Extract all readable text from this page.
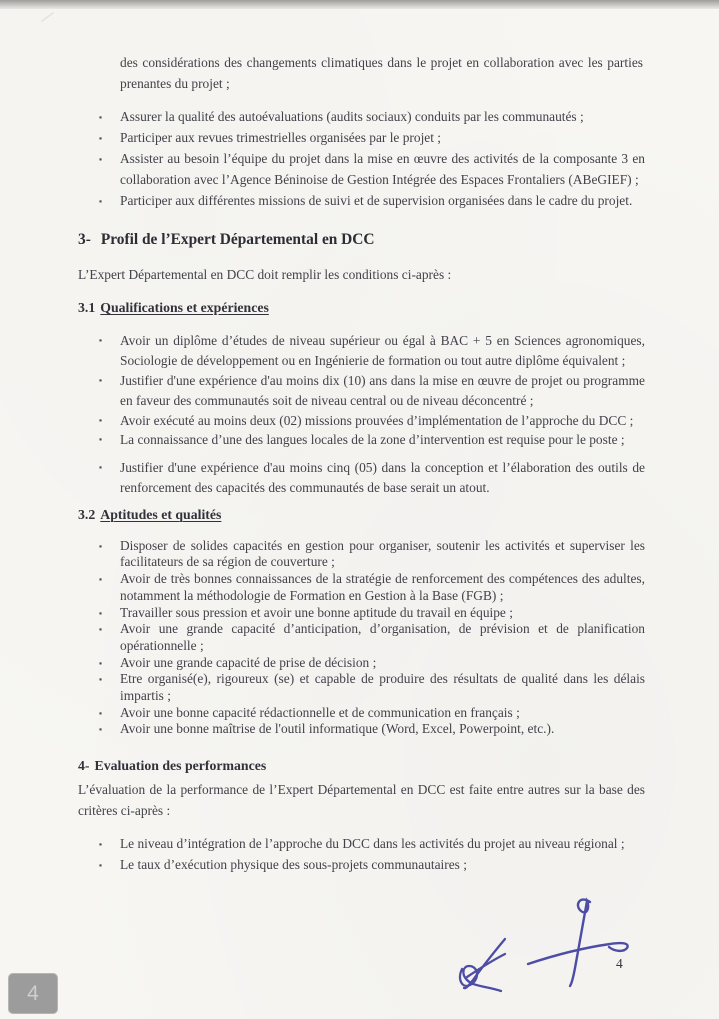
des considérations des changements climatiques dans le projet en collaboration avec les parties prenantes du projet ;

▪ Assurer la qualité des autoévaluations (audits sociaux) conduits par les communautés ;
▪ Participer aux revues trimestrielles organisées par le projet ;
▪ Assister au besoin l’équipe du projet dans la mise en œuvre des activités de la composante 3 en collaboration avec l’Agence Béninoise de Gestion Intégrée des Espaces Frontaliers (ABeGIEF) ;
▪ Participer aux différentes missions de suivi et de supervision organisées dans le cadre du projet.
3- Profil de l’Expert Départemental en DCC

L’Expert Départemental en DCC doit remplir les conditions ci-après :

3.1 Qualifications et expériences
▪ Avoir un diplôme d’études de niveau supérieur ou égal à BAC + 5 en Sciences agronomiques, Sociologie de développement ou en Ingénierie de formation ou tout autre diplôme équivalent ;
▪ Justifier d'une expérience d'au moins dix (10) ans dans la mise en œuvre de projet ou programme en faveur des communautés soit de niveau central ou de niveau déconcentré ;
▪ Avoir exécuté au moins deux (02) missions prouvées d’implémentation de l’approche du DCC ;
▪ La connaissance d’une des langues locales de la zone d’intervention est requise pour le poste ;
▪ Justifier d'une expérience d'au moins cinq (05) dans la conception et l’élaboration des outils de renforcement des capacités des communautés de base serait un atout.
3.2 Aptitudes et qualités
▪ Disposer de solides capacités en gestion pour organiser, soutenir les activités et superviser les facilitateurs de sa région de couverture ;
▪ Avoir de très bonnes connaissances de la stratégie de renforcement des compétences des adultes, notamment la méthodologie de Formation en Gestion à la Base (FGB) ;
▪ Travailler sous pression et avoir une bonne aptitude du travail en équipe ;
▪ Avoir une grande capacité d’anticipation, d’organisation, de prévision et de planification opérationnelle ;
▪ Avoir une grande capacité de prise de décision ;
▪ Etre organisé(e), rigoureux (se) et capable de produire des résultats de qualité dans les délais impartis ;
▪ Avoir une bonne capacité rédactionnelle et de communication en français ;
▪ Avoir une bonne maîtrise de l'outil informatique (Word, Excel, Powerpoint, etc.).
4- Evaluation des performances

L’évaluation de la performance de l’Expert Départemental en DCC est faite entre autres sur la base des critères ci-après :

▪ Le niveau d’intégration de l’approche du DCC dans les activités du projet au niveau régional ;
▪ Le taux d’exécution physique des sous-projets communautaires ;
4
4
